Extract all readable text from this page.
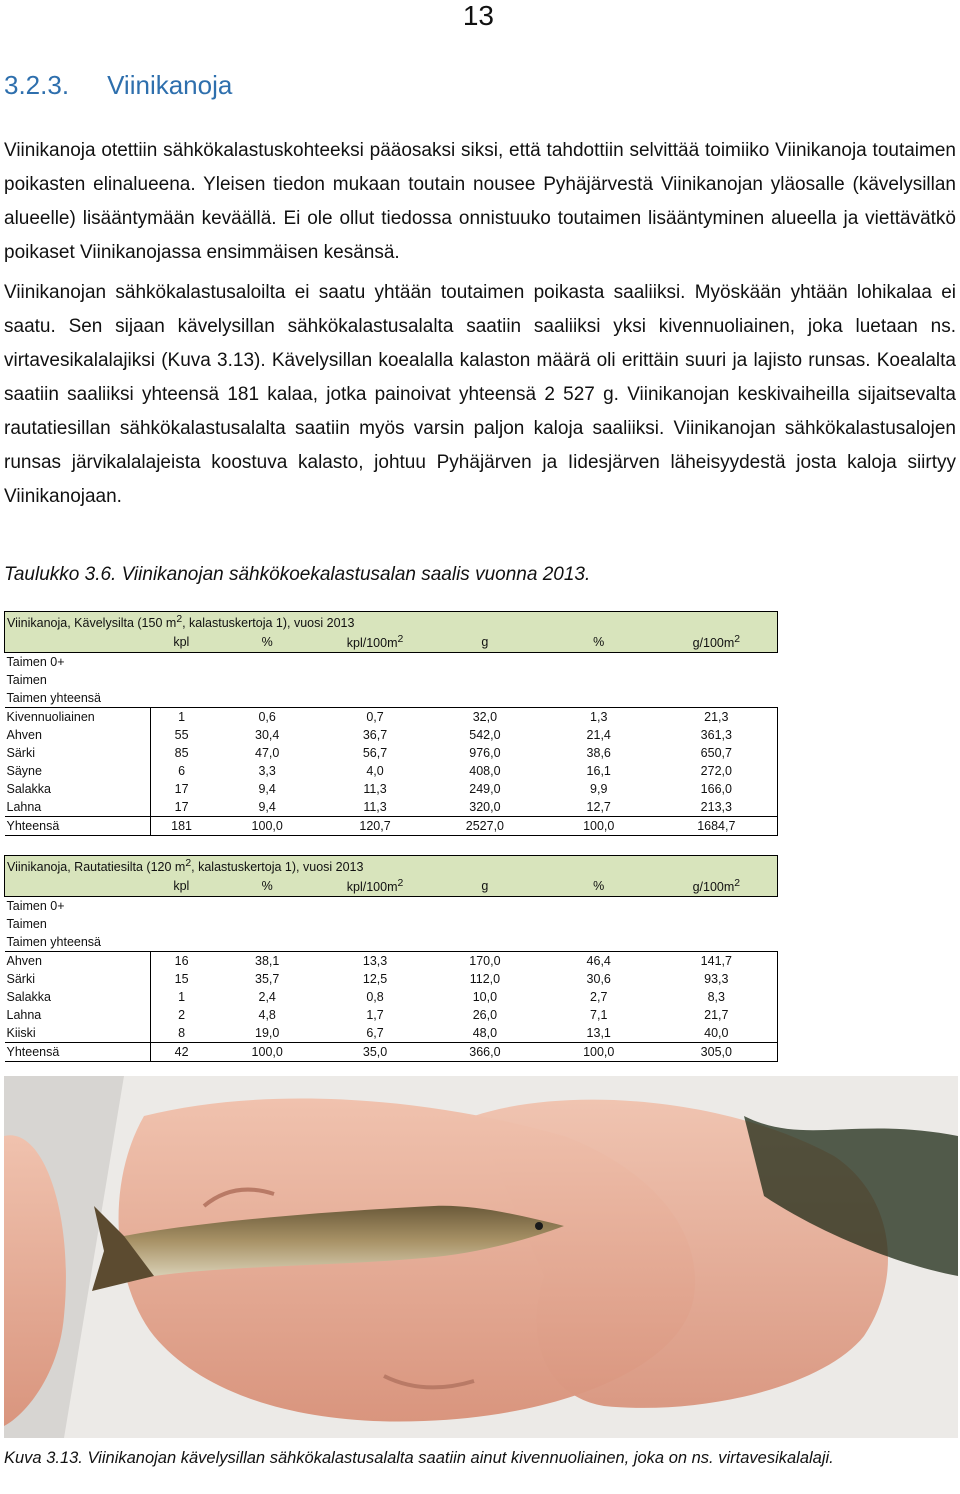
13
3.2.3. Viinikanoja
Viinikanoja otettiin sähkökalastuskohteeksi pääosaksi siksi, että tahdottiin selvittää toimiiko Viinikanoja toutaimen poikasten elinalueena. Yleisen tiedon mukaan toutain nousee Pyhäjärvestä Viinikanojan yläosalle (kävelysillan alueelle) lisääntymään keväällä. Ei ole ollut tiedossa onnistuuko toutaimen lisääntyminen alueella ja viettävätkö poikaset Viinikanojassa ensimmäisen kesänsä.
Viinikanojan sähkökalastusaloilta ei saatu yhtään toutaimen poikasta saaliiksi. Myöskään yhtään lohikalaa ei saatu. Sen sijaan kävelysillan sähkökalastusalalta saatiin saaliiksi yksi kivennuoliainen, joka luetaan ns. virtavesikalalajiksi (Kuva 3.13). Kävelysillan koealalla kalaston määrä oli erittäin suuri ja lajisto runsas. Koealalta saatiin saaliiksi yhteensä 181 kalaa, jotka painoivat yhteensä 2 527 g. Viinikanojan keskivaiheilla sijaitsevalta rautatiesillan sähkökalastusalalta saatiin myös varsin paljon kaloja saaliiksi. Viinikanojan sähkökalastusalojen runsas järvikalalajeista koostuva kalasto, johtuu Pyhäjärven ja Iidesjärven läheisyydestä josta kaloja siirtyy Viinikanojaan.
Taulukko 3.6. Viinikanojan sähkökoekalastusalan saalis vuonna 2013.
Viinikanoja, Kävelysilta (150 $m^2$, kalastuskertoja 1), vuosi 2013						
	kpl	%	kpl/$100m^2$	g	%	$g/100m^2$
Taimen 0+						
Taimen						
Taimen yhteensä						
Kivennuoliainen	1	0,6	0,7	32,0	1,3	21,3
Ahven	55	30,4	36,7	542,0	21,4	361,3
Särki	85	47,0	56,7	976,0	38,6	650,7
Säyne	6	3,3	4,0	408,0	16,1	272,0
Salakka	17	9,4	11,3	249,0	9,9	166,0
Lahna	17	9,4	11,3	320,0	12,7	213,3
Yhteensä	181	100,0	120,7	2527,0	100,0	1684,7
Viinikanoja, Rautatiesilta (120 $m^2$, kalastuskertoja 1), vuosi 2013						
	kpl	%	kpl/$100m^2$	g	%	$g/100m^2$
Taimen 0+						
Taimen						
Taimen yhteensä						
Ahven	16	38,1	13,3	170,0	46,4	141,7
Särki	15	35,7	12,5	112,0	30,6	93,3
Salakka	1	2,4	0,8	10,0	2,7	8,3
Lahna	2	4,8	1,7	26,0	7,1	21,7
Kiiski	8	19,0	6,7	48,0	13,1	40,0
Yhteensä	42	100,0	35,0	366,0	100,0	305,0
Kuva 3.13. Viinikanojan kävelysillan sähkökalastusalalta saatiin ainut kivennuoliainen, joka on ns. virtavesikalalaji.
